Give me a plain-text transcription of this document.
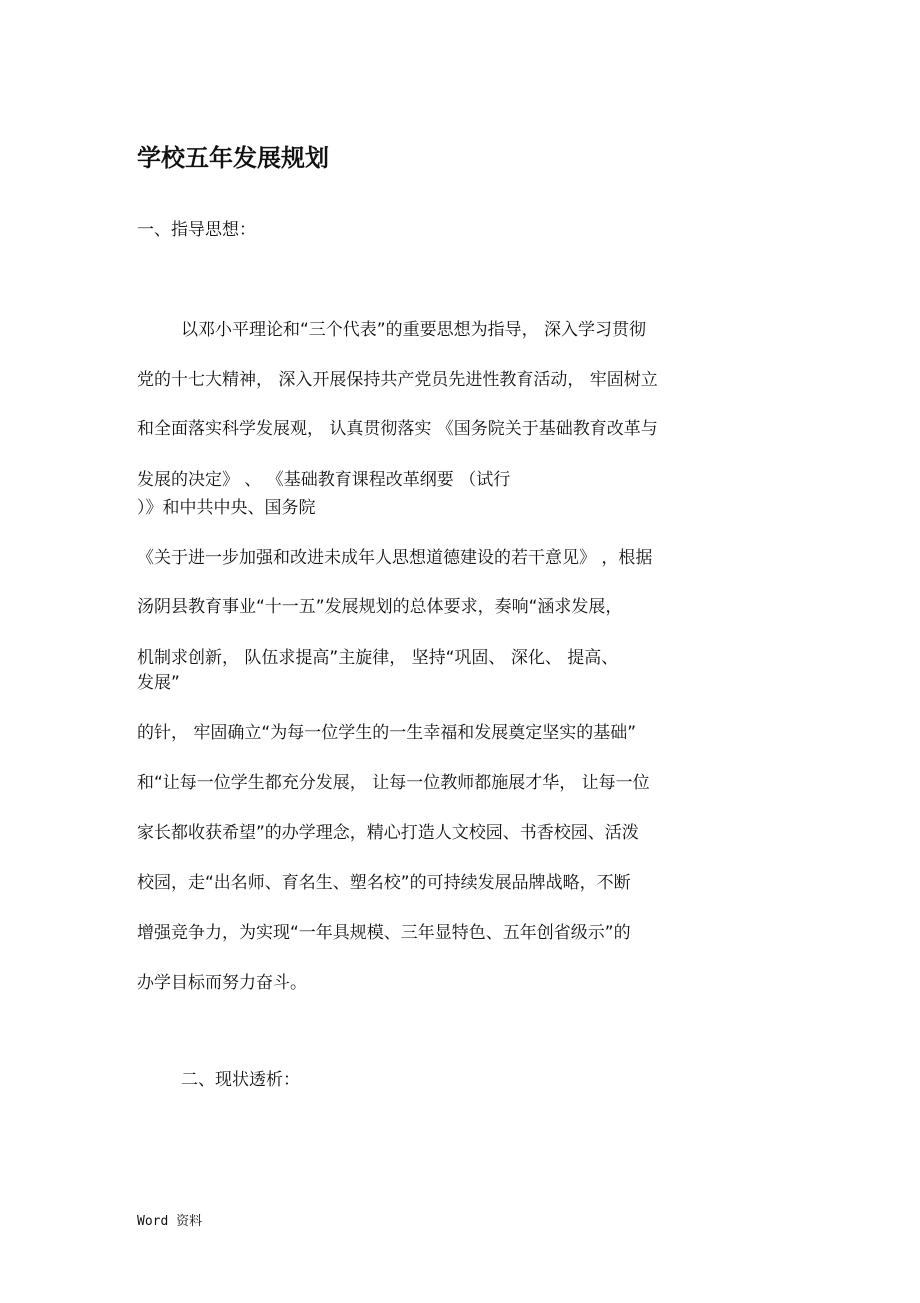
学校五年发展规划
一、指导思想：
以邓小平理论和“三个代表”的重要思想为指导， 深入学习贯彻
党的十七大精神， 深入开展保持共产党员先进性教育活动， 牢固树立
和全面落实科学发展观， 认真贯彻落实 《国务院关于基础教育改革与
发展的决定》 、 《基础教育课程改革纲要 （试行
）》和中共中央、国务院
《关于进一步加强和改进未成年人思想道德建设的若干意见》 ，根据
汤阴县教育事业“十一五”发展规划的总体要求，奏响“涵求发展，
机制求创新， 队伍求提高”主旋律， 坚持“巩固、 深化、 提高、
发展”
的针， 牢固确立“为每一位学生的一生幸福和发展奠定坚实的基础”
和“让每一位学生都充分发展， 让每一位教师都施展才华， 让每一位
家长都收获希望”的办学理念，精心打造人文校园、书香校园、活泼
校园，走“出名师、育名生、塑名校”的可持续发展品牌战略，不断
增强竞争力，为实现“一年具规模、三年显特色、五年创省级示”的
办学目标而努力奋斗。
二、现状透析：
Word 资料
